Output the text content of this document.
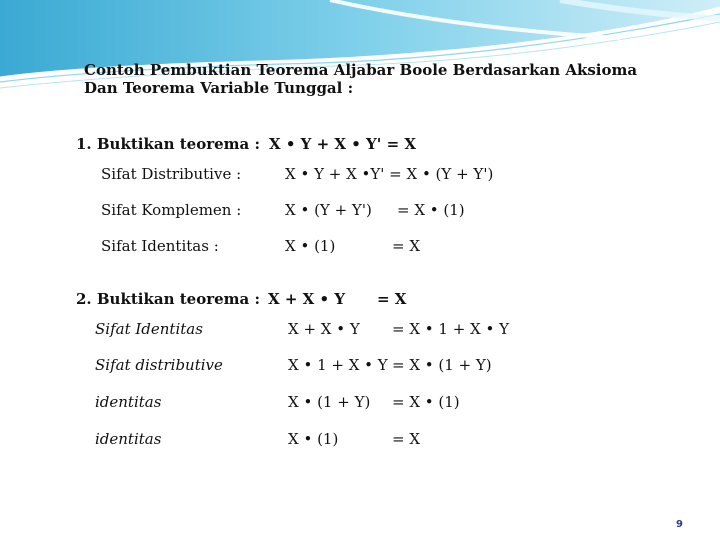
Contoh Pembuktian Teorema Aljabar Boole Berdasarkan Aksioma
Dan Teorema Variable Tunggal :
1. Buktikan teorema : X • Y + X • Y' = X
Sifat Distributive :	X • Y + X •Y' = X • (Y + Y')
Sifat Komplemen :	X • (Y + Y') = X • (1)
Sifat Identitas :	X • (1)	= X
2. Buktikan teorema : X + X • Y = X
Sifat Identitas	X + X • Y = X • 1 + X • Y
Sifat distributive	X • 1 + X • Y = X • (1 + Y)
identitas	X • (1 + Y) = X • (1)
identitas	X • (1)	= X
9
